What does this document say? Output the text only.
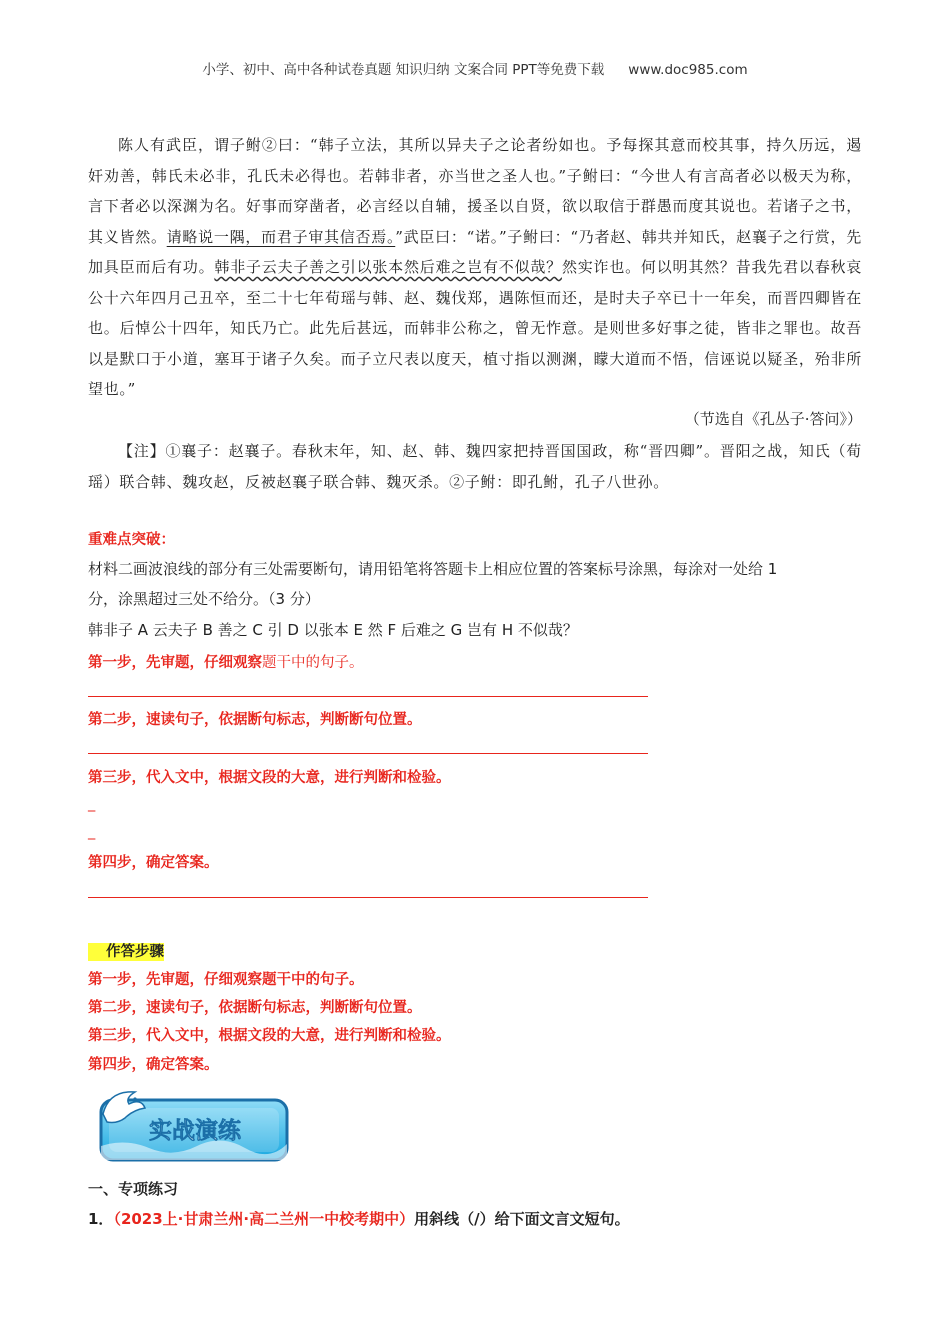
小学、初中、高中各种试卷真题 知识归纳 文案合同 PPT等免费下载 www.doc985.com

陈人有武臣，谓子鲋②曰：“韩子立法，其所以异夫子之论者纷如也。予每探其意而校其事，持久历远，遏奸劝善，韩氏未必非，孔氏未必得也。若韩非者，亦当世之圣人也。”子鲋曰：“今世人有言高者必以极天为称，言下者必以深渊为名。好事而穿凿者，必言经以自辅，援圣以自贤，欲以取信于群愚而度其说也。若诸子之书，其义皆然。请略说一隅，而君子审其信否焉。”武臣曰：“诺。”子鲋曰：“乃者赵、韩共并知氏，赵襄子之行赏，先加具臣而后有功。韩非子云夫子善之引以张本然后难之岂有不似哉？然实诈也。何以明其然？昔我先君以春秋哀公十六年四月己丑卒，至二十七年荀瑶与韩、赵、魏伐郑，遇陈恒而还，是时夫子卒已十一年矣，而晋四卿皆在也。后悼公十四年，知氏乃亡。此先后甚远，而韩非公称之，曾无怍意。是则世多好事之徒，皆非之罪也。故吾以是默口于小道，塞耳于诸子久矣。而子立尺表以度天，植寸指以测渊，矇大道而不悟，信诬说以疑圣，殆非所望也。”

（节选自《孔丛子·答问》）
【注】①襄子：赵襄子。春秋末年，知、赵、韩、魏四家把持晋国国政，称“晋四卿”。晋阳之战，知氏（荀瑶）联合韩、魏攻赵，反被赵襄子联合韩、魏灭杀。②子鲋：即孔鲋，孔子八世孙。
重难点突破：
材料二画波浪线的部分有三处需要断句，请用铅笔将答题卡上相应位置的答案标号涂黑，每涂对一处给 1
分，涂黑超过三处不给分。（3 分）
韩非子 A 云夫子 B 善之 C 引 D 以张本 E 然 F 后难之 G 岂有 H 不似哉？
第一步，先审题，仔细观察题干中的句子。
第二步，速读句子，依据断句标志，判断断句位置。
第三步，代入文中，根据文段的大意，进行判断和检验。
_
_
第四步，确定答案。
作答步骤
第一步，先审题，仔细观察题干中的句子。
第二步，速读句子，依据断句标志，判断断句位置。
第三步，代入文中，根据文段的大意，进行判断和检验。
第四步，确定答案。
实战演练
一、专项练习
1．（2023上·甘肃兰州·高二兰州一中校考期中）用斜线（/）给下面文言文短句。
